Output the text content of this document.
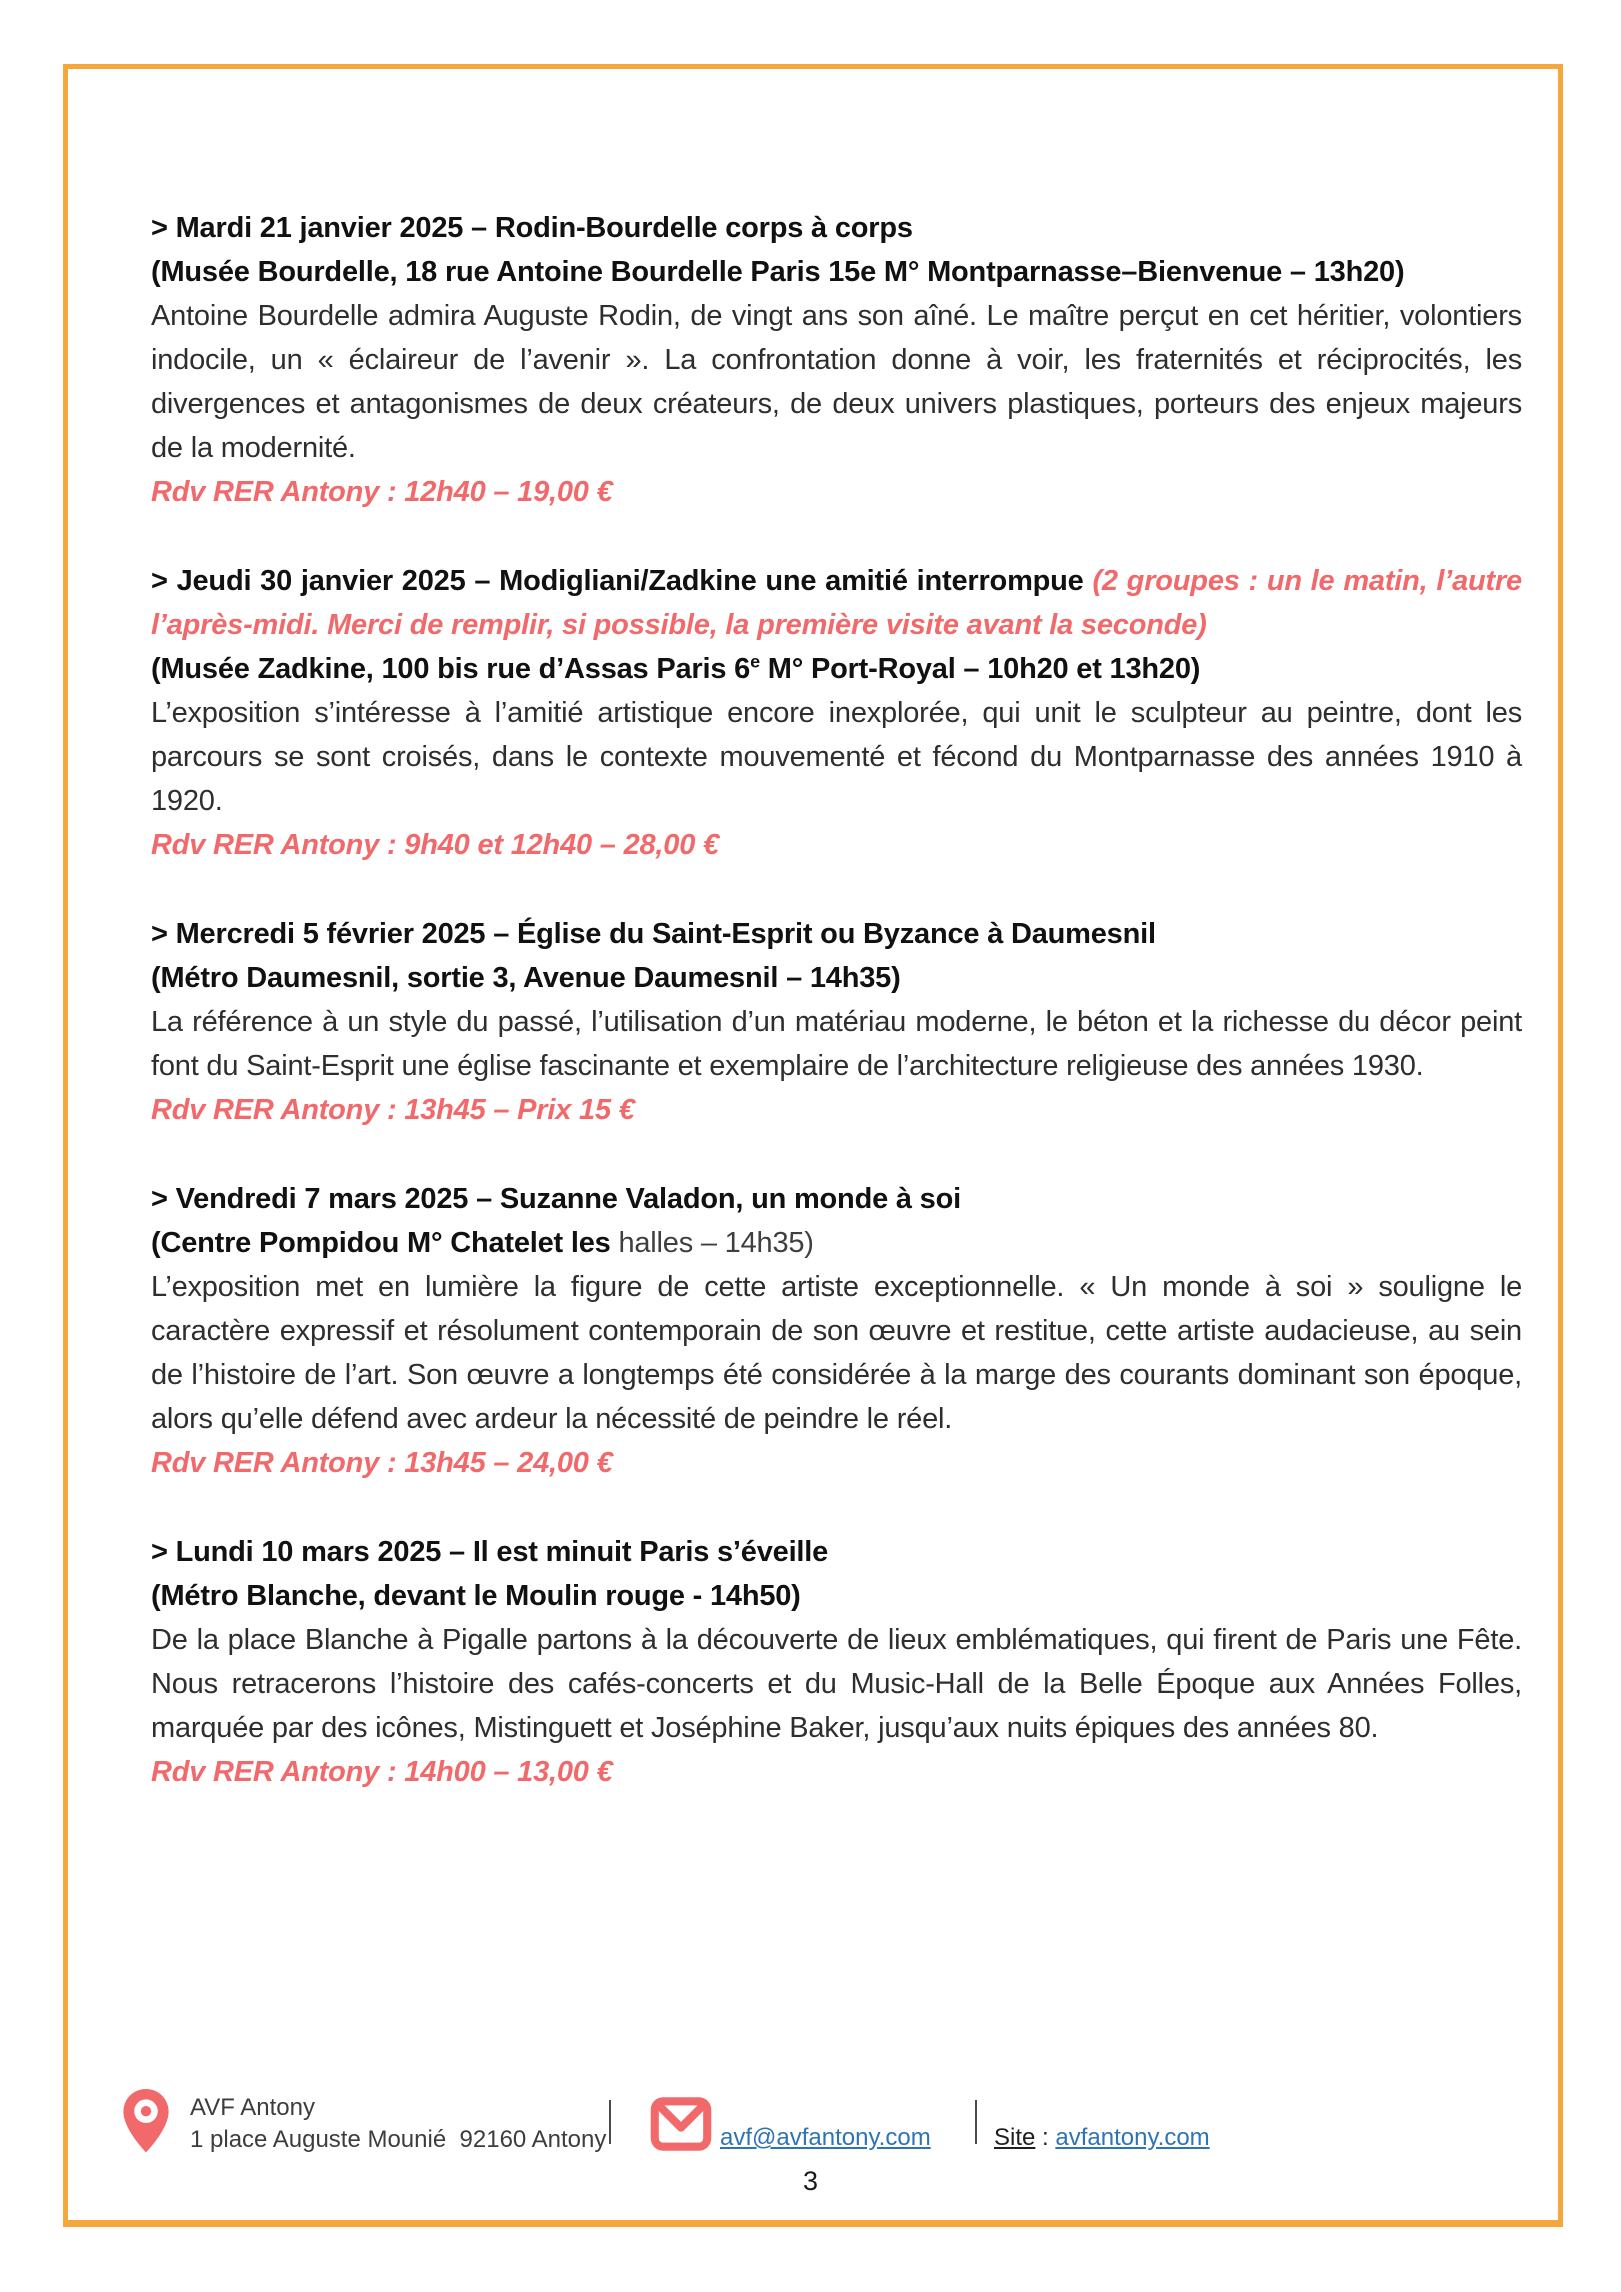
> Mardi 21 janvier 2025 – Rodin-Bourdelle corps à corps

(Musée Bourdelle, 18 rue Antoine Bourdelle Paris 15e M° Montparnasse–Bienvenue – 13h20)

Antoine Bourdelle admira Auguste Rodin, de vingt ans son aîné. Le maître perçut en cet héritier, volontiers indocile, un « éclaireur de l’avenir ». La confrontation donne à voir, les fraternités et réciprocités, les divergences et antagonismes de deux créateurs, de deux univers plastiques, porteurs des enjeux majeurs de la modernité.

Rdv RER Antony : 12h40 – 19,00 €

> Jeudi 30 janvier 2025 – Modigliani/Zadkine une amitié interrompue (2 groupes : un le matin, l’autre l’après-midi. Merci de remplir, si possible, la première visite avant la seconde)

(Musée Zadkine, 100 bis rue d’Assas Paris 6e M° Port-Royal – 10h20 et 13h20)

L’exposition s’intéresse à l’amitié artistique encore inexplorée, qui unit le sculpteur au peintre, dont les parcours se sont croisés, dans le contexte mouvementé et fécond du Montparnasse des années 1910 à 1920.

Rdv RER Antony : 9h40 et 12h40 – 28,00 €

> Mercredi 5 février 2025 – Église du Saint-Esprit ou Byzance à Daumesnil

(Métro Daumesnil, sortie 3, Avenue Daumesnil – 14h35)

La référence à un style du passé, l’utilisation d’un matériau moderne, le béton et la richesse du décor peint font du Saint-Esprit une église fascinante et exemplaire de l’architecture religieuse des années 1930.

Rdv RER Antony : 13h45 – Prix 15 €

> Vendredi 7 mars 2025 – Suzanne Valadon, un monde à soi

(Centre Pompidou M° Chatelet les halles – 14h35)

L’exposition met en lumière la figure de cette artiste exceptionnelle. « Un monde à soi » souligne le caractère expressif et résolument contemporain de son œuvre et restitue, cette artiste audacieuse, au sein de l’histoire de l’art. Son œuvre a longtemps été considérée à la marge des courants dominant son époque, alors qu’elle défend avec ardeur la nécessité de peindre le réel.

Rdv RER Antony : 13h45 – 24,00 €

> Lundi 10 mars 2025 – Il est minuit Paris s’éveille

(Métro Blanche, devant le Moulin rouge - 14h50)

De la place Blanche à Pigalle partons à la découverte de lieux emblématiques, qui firent de Paris une Fête. Nous retracerons l’histoire des cafés-concerts et du Music-Hall de la Belle Époque aux Années Folles, marquée par des icônes, Mistinguett et Joséphine Baker, jusqu’aux nuits épiques des années 80.

Rdv RER Antony : 14h00 – 13,00 €

AVF Antony
1 place Auguste Mounié  92160 Antony	avf@avfantony.com	Site : avfantony.com
3
